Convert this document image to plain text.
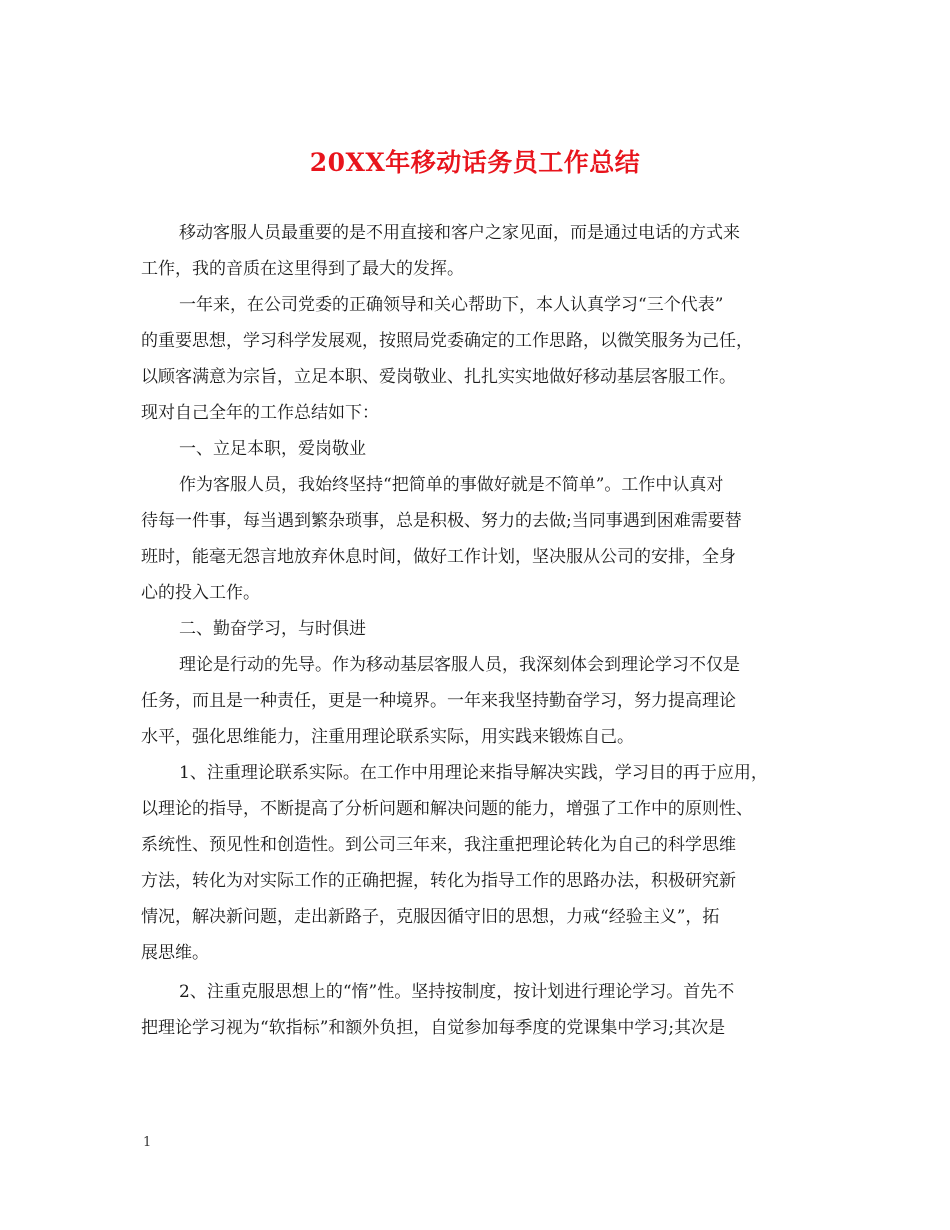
20XX年移动话务员工作总结

移动客服人员最重要的是不用直接和客户之家见面，而是通过电话的方式来

工作，我的音质在这里得到了最大的发挥。

一年来，在公司党委的正确领导和关心帮助下，本人认真学习“三个代表”

的重要思想，学习科学发展观，按照局党委确定的工作思路，以微笑服务为己任，

以顾客满意为宗旨，立足本职、爱岗敬业、扎扎实实地做好移动基层客服工作。

现对自己全年的工作总结如下：

一、立足本职，爱岗敬业

作为客服人员，我始终坚持“把简单的事做好就是不简单”。工作中认真对

待每一件事，每当遇到繁杂琐事，总是积极、努力的去做;当同事遇到困难需要替

班时，能毫无怨言地放弃休息时间，做好工作计划，坚决服从公司的安排，全身

心的投入工作。

二、勤奋学习，与时俱进

理论是行动的先导。作为移动基层客服人员，我深刻体会到理论学习不仅是

任务，而且是一种责任，更是一种境界。一年来我坚持勤奋学习，努力提高理论

水平，强化思维能力，注重用理论联系实际，用实践来锻炼自己。

1、注重理论联系实际。在工作中用理论来指导解决实践，学习目的再于应用，

以理论的指导，不断提高了分析问题和解决问题的能力，增强了工作中的原则性、

系统性、预见性和创造性。到公司三年来，我注重把理论转化为自己的科学思维

方法，转化为对实际工作的正确把握，转化为指导工作的思路办法，积极研究新

情况，解决新问题，走出新路子，克服因循守旧的思想，力戒“经验主义”，拓

展思维。

2、注重克服思想上的“惰”性。坚持按制度，按计划进行理论学习。首先不

把理论学习视为“软指标”和额外负担，自觉参加每季度的党课集中学习;其次是

1
